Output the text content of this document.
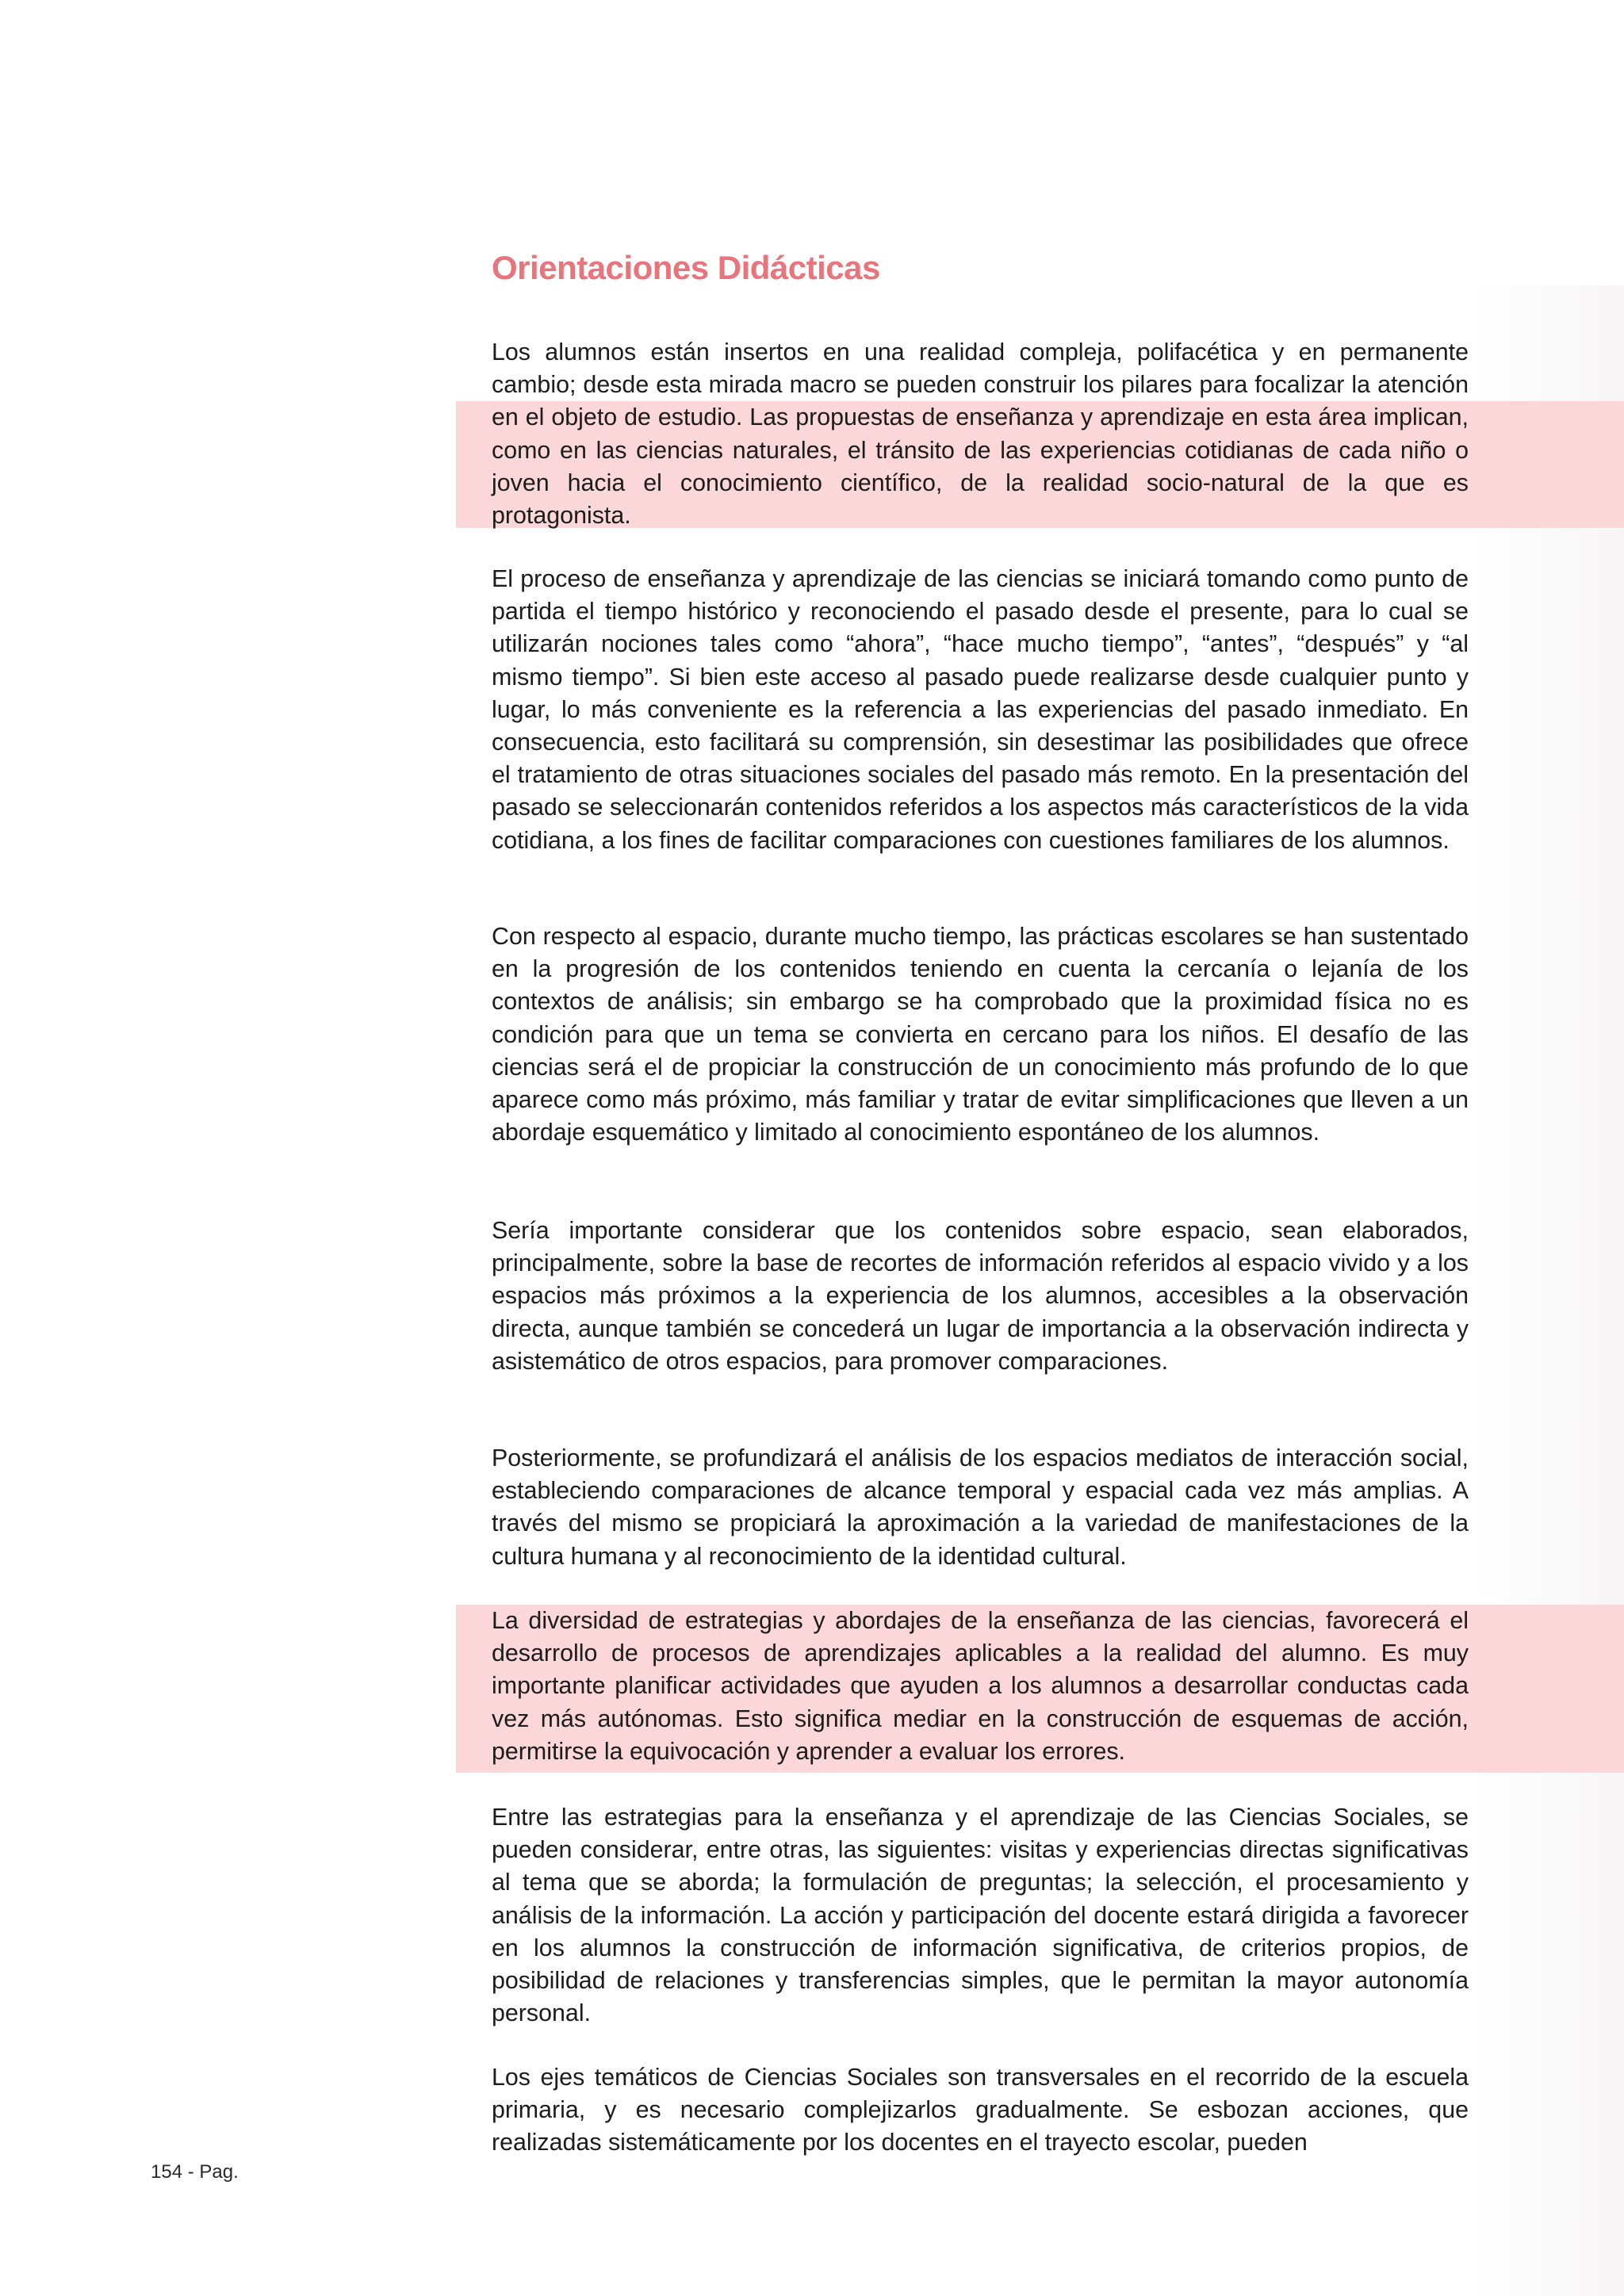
Orientaciones Didácticas

Los alumnos están insertos en una realidad compleja, polifacética y en permanente cambio; desde esta mirada macro se pueden construir los pilares para focalizar la atención en el objeto de estudio. Las propuestas de enseñanza y aprendizaje en esta área implican, como en las ciencias naturales, el tránsito de las experiencias cotidianas de cada niño o joven hacia el conocimiento científico, de la realidad socio-natural de la que es protagonista.

El proceso de enseñanza y aprendizaje de las ciencias se iniciará tomando como punto de partida el tiempo histórico y reconociendo el pasado desde el presente, para lo cual se utilizarán nociones tales como “ahora”, “hace mucho tiempo”, “antes”, “después” y “al mismo tiempo”. Si bien este acceso al pasado puede realizarse desde cualquier punto y lugar, lo más conveniente es la referencia a las experiencias del pasado inmediato. En consecuencia, esto facilitará su comprensión, sin desestimar las posibilidades que ofrece el tratamiento de otras situaciones sociales del pasado más remoto. En la presentación del pasado se seleccionarán contenidos referidos a los aspectos más característicos de la vida cotidiana, a los fines de facilitar comparaciones con cuestiones familiares de los alumnos.

Con respecto al espacio, durante mucho tiempo, las prácticas escolares se han sustentado en la progresión de los contenidos teniendo en cuenta la cercanía o lejanía de los contextos de análisis; sin embargo se ha comprobado que la proximidad física no es condición para que un tema se convierta en cercano para los niños. El desafío de las ciencias será el de propiciar la construcción de un conocimiento más profundo de lo que aparece como más próximo, más familiar y tratar de evitar simplificaciones que lleven a un abordaje esquemático y limitado al conocimiento espontáneo de los alumnos.

Sería importante considerar que los contenidos sobre espacio, sean elaborados, principalmente, sobre la base de recortes de información referidos al espacio vivido y a los espacios más próximos a la experiencia de los alumnos, accesibles a la observación directa, aunque también se concederá un lugar de importancia a la observación indirecta y asistemático de otros espacios, para promover comparaciones.

Posteriormente, se profundizará el análisis de los espacios mediatos de interacción social, estableciendo comparaciones de alcance temporal y espacial cada vez más amplias. A través del mismo se propiciará la aproximación a la variedad de manifestaciones de la cultura humana y al reconocimiento de la identidad cultural.

La diversidad de estrategias y abordajes de la enseñanza de las ciencias, favorecerá el desarrollo de procesos de aprendizajes aplicables a la realidad del alumno. Es muy importante planificar actividades que ayuden a los alumnos a desarrollar conductas cada vez más autónomas. Esto significa mediar en la construcción de esquemas de acción, permitirse la equivocación y aprender a evaluar los errores.

Entre las estrategias para la enseñanza y el aprendizaje de las Ciencias Sociales, se pueden considerar, entre otras, las siguientes: visitas y experiencias directas significativas al tema que se aborda; la formulación de preguntas; la selección, el procesamiento y análisis de la información. La acción y participación del docente estará dirigida a favorecer en los alumnos la construcción de información significativa, de criterios propios, de posibilidad de relaciones y transferencias simples, que le permitan la mayor autonomía personal.

Los ejes temáticos de Ciencias Sociales son transversales en el recorrido de la escuela primaria, y es necesario complejizarlos gradualmente. Se esbozan acciones, que realizadas sistemáticamente por los docentes en el trayecto escolar, pueden

154 - Pag.
